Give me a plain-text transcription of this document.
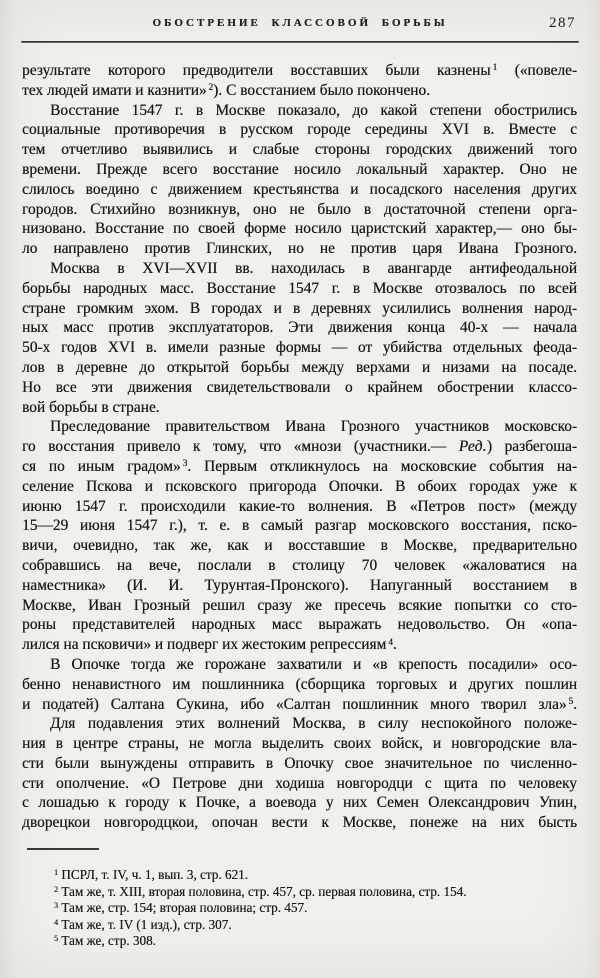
ОБОСТРЕНИЕ КЛАССОВОЙ БОРЬБЫ	287
результате которого предводители восставших были казнены $^1$ («повеле-
тех людей имати и казнити» $^2$). С восстанием было покончено.
Восстание 1547 г. в Москве показало, до какой степени обострились
социальные противоречия в русском городе середины XVI в. Вместе с
тем отчетливо выявились и слабые стороны городских движений того
времени. Прежде всего восстание носило локальный характер. Оно не
слилось воедино с движением крестьянства и посадского населения других
городов. Стихийно возникнув, оно не было в достаточной степени орга-
низовано. Восстание по своей форме носило царистский характер,— оно бы-
ло направлено против Глинских, но не против царя Ивана Грозного.
Москва в XVI—XVII вв. находилась в авангарде антифеодальной
борьбы народных масс. Восстание 1547 г. в Москве отозвалось по всей
стране громким эхом. В городах и в деревнях усилились волнения народ-
ных масс против эксплуататоров. Эти движения конца 40-х — начала
50-х годов XVI в. имели разные формы — от убийства отдельных феода-
лов в деревне до открытой борьбы между верхами и низами на посаде.
Но все эти движения свидетельствовали о крайнем обострении классо-
вой борьбы в стране.
Преследование правительством Ивана Грозного участников московско-
го восстания привело к тому, что «мнози (участники.— Ред.) разбегоша-
ся по иным градом» $^3$. Первым откликнулось на московские события на-
селение Пскова и псковского пригорода Опочки. В обоих городах уже к
июню 1547 г. происходили какие-то волнения. В «Петров пост» (между
15—29 июня 1547 г.), т. е. в самый разгар московского восстания, пско-
вичи, очевидно, так же, как и восставшие в Москве, предварительно
собравшись на вече, послали в столицу 70 человек «жаловатися на
наместника» (И. И. Турунтая-Пронского). Напуганный восстанием в
Москве, Иван Грозный решил сразу же пресечь всякие попытки со сто-
роны представителей народных масс выражать недовольство. Он «опа-
лился на псковичи» и подверг их жестоким репрессиям $^4$.
В Опочке тогда же горожане захватили и «в крепость посадили» осо-
бенно ненавистного им пошлинника (сборщика торговых и других пошлин
и податей) Салтана Сукина, ибо «Салтан пошлинник много творил зла» $^5$.
Для подавления этих волнений Москва, в силу неспокойного положе-
ния в центре страны, не могла выделить своих войск, и новгородские вла-
сти были вынуждены отправить в Опочку свое значительное по численно-
сти ополчение. «О Петрове дни ходиша новгородци с щита по человеку
с лошадью к городу к Почке, а воевода у них Семен Олександрович Упин,
дворецкои новгородцкои, опочан вести к Москве, понеже на них бысть
$^1$ ПСРЛ, т. IV, ч. 1, вып. 3, стр. 621.
$^2$ Там же, т. XIII, вторая половина, стр. 457, ср. первая половина, стр. 154.
$^3$ Там же, стр. 154; вторая половина; стр. 457.
$^4$ Там же, т. IV (1 изд.), стр. 307.
$^5$ Там же, стр. 308.
